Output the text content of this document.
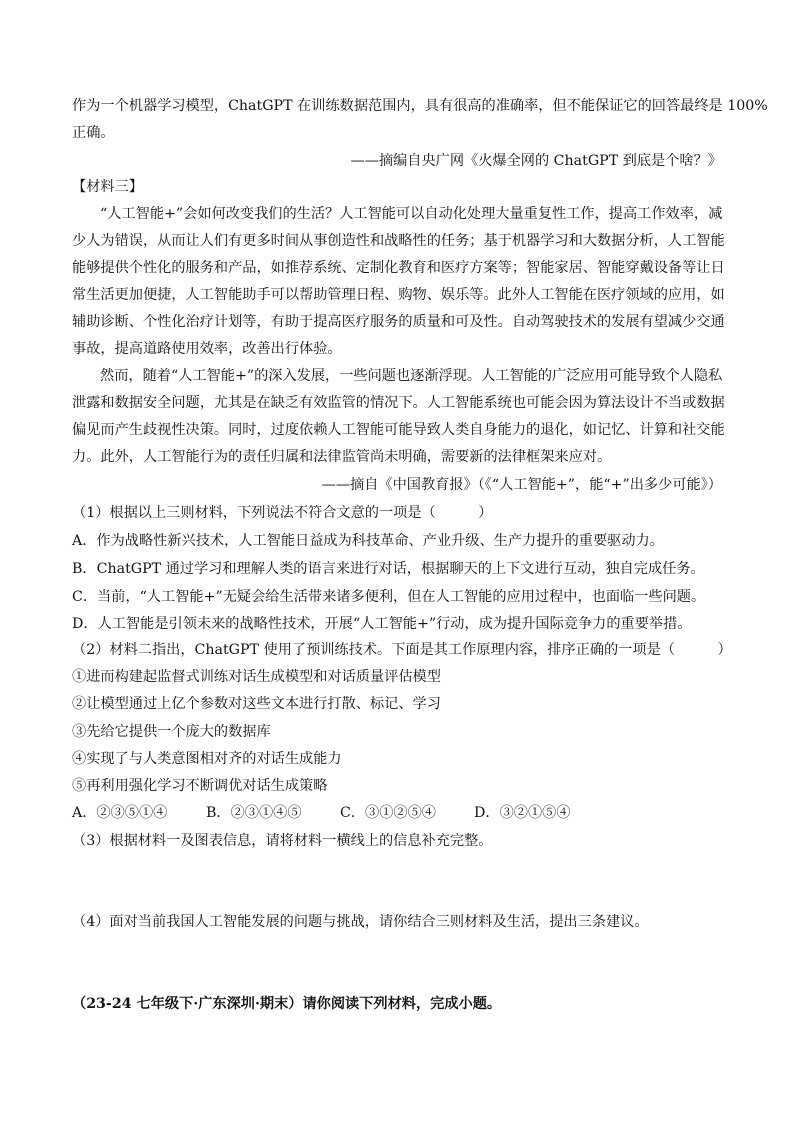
作为一个机器学习模型，ChatGPT 在训练数据范围内，具有很高的准确率，但不能保证它的回答最终是 100%
正确。
——摘编自央广网《火爆全网的 ChatGPT 到底是个啥？》
【材料三】
“人工智能+”会如何改变我们的生活？人工智能可以自动化处理大量重复性工作，提高工作效率，减
少人为错误，从而让人们有更多时间从事创造性和战略性的任务；基于机器学习和大数据分析，人工智能
能够提供个性化的服务和产品，如推荐系统、定制化教育和医疗方案等；智能家居、智能穿戴设备等让日
常生活更加便捷，人工智能助手可以帮助管理日程、购物、娱乐等。此外人工智能在医疗领域的应用，如
辅助诊断、个性化治疗计划等，有助于提高医疗服务的质量和可及性。自动驾驶技术的发展有望减少交通
事故，提高道路使用效率，改善出行体验。
然而，随着“人工智能+”的深入发展，一些问题也逐渐浮现。人工智能的广泛应用可能导致个人隐私
泄露和数据安全问题，尤其是在缺乏有效监管的情况下。人工智能系统也可能会因为算法设计不当或数据
偏见而产生歧视性决策。同时，过度依赖人工智能可能导致人类自身能力的退化，如记忆、计算和社交能
力。此外，人工智能行为的责任归属和法律监管尚未明确，需要新的法律框架来应对。
——摘自《中国教育报》（《“人工智能+”，能“+”出多少可能》）
（1）根据以上三则材料，下列说法不符合文意的一项是（　　　）
A．作为战略性新兴技术，人工智能日益成为科技革命、产业升级、生产力提升的重要驱动力。
B．ChatGPT 通过学习和理解人类的语言来进行对话，根据聊天的上下文进行互动，独自完成任务。
C．当前，“人工智能+”无疑会给生活带来诸多便利，但在人工智能的应用过程中，也面临一些问题。
D．人工智能是引领未来的战略性技术，开展“人工智能+”行动，成为提升国际竞争力的重要举措。
（2）材料二指出，ChatGPT 使用了预训练技术。下面是其工作原理内容，排序正确的一项是（　　　）
①进而构建起监督式训练对话生成模型和对话质量评估模型
②让模型通过上亿个参数对这些文本进行打散、标记、学习
③先给它提供一个庞大的数据库
④实现了与人类意图相对齐的对话生成能力
⑤再利用强化学习不断调优对话生成策略
A．②③⑤①④	B．②③①④⑤	C．③①②⑤④	D．③②①⑤④
（3）根据材料一及图表信息，请将材料一横线上的信息补充完整。
（4）面对当前我国人工智能发展的问题与挑战，请你结合三则材料及生活，提出三条建议。
（23-24 七年级下·广东深圳·期末）请你阅读下列材料，完成小题。
